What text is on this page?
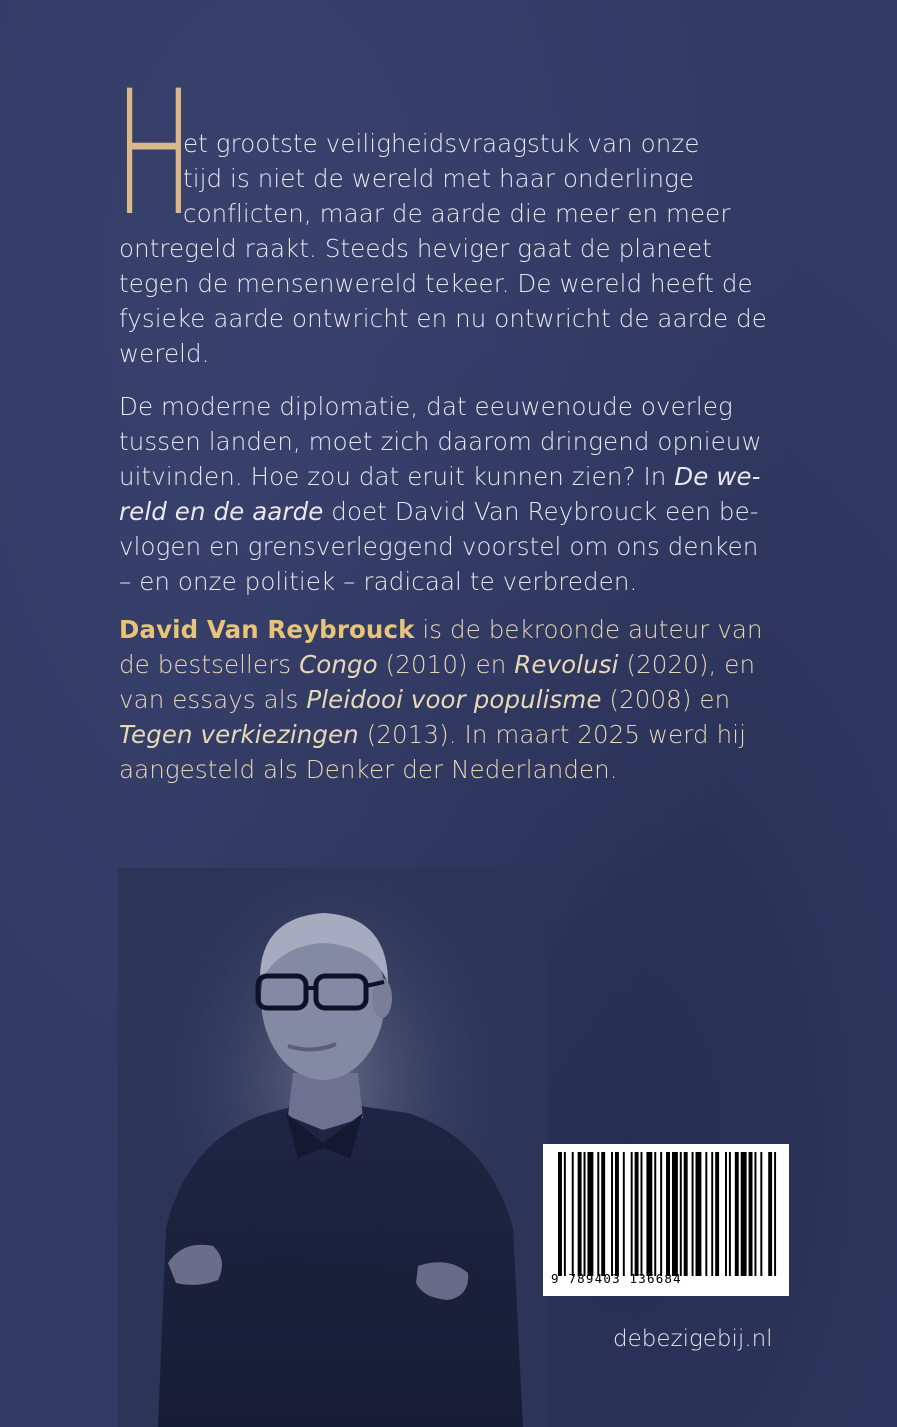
H
et grootste veiligheidsvraagstuk van onze
tijd is niet de wereld met haar onderlinge
conflicten, maar de aarde die meer en meer
ontregeld raakt. Steeds heviger gaat de planeet
tegen de mensenwereld tekeer. De wereld heeft de
fysieke aarde ontwricht en nu ontwricht de aarde de
wereld.
De moderne diplomatie, dat eeuwenoude overleg
tussen landen, moet zich daarom dringend opnieuw
uitvinden. Hoe zou dat eruit kunnen zien? In De we-
reld en de aarde doet David Van Reybrouck een be-
vlogen en grensverleggend voorstel om ons denken
– en onze politiek – radicaal te verbreden.
David Van Reybrouck is de bekroonde auteur van
de bestsellers Congo (2010) en Revolusi (2020), en
van essays als Pleidooi voor populisme (2008) en
Tegen verkiezingen (2013). In maart 2025 werd hij
aangesteld als Denker der Nederlanden.
9 789403 136684
debezigebij.nl
